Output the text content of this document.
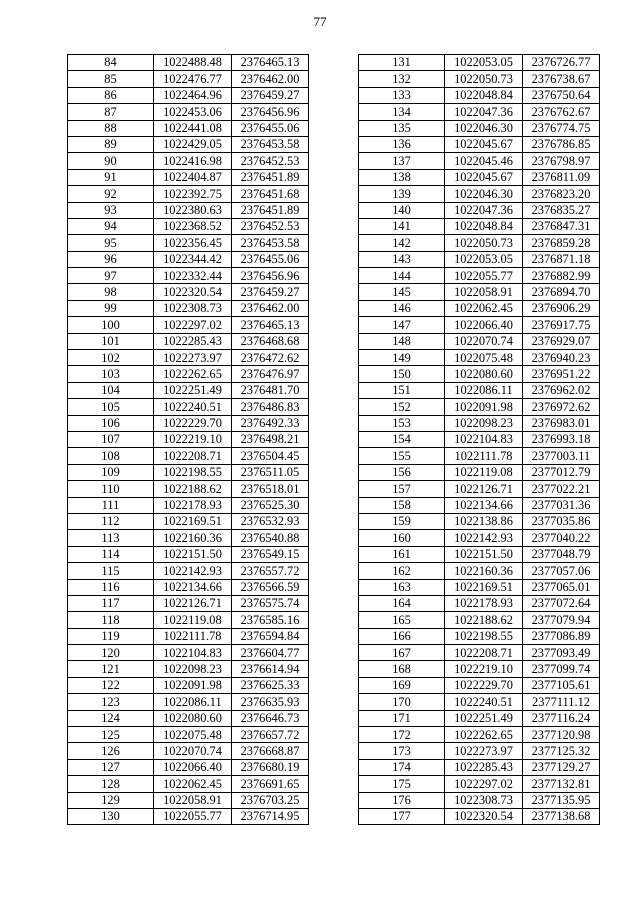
77
84	1022488.48	2376465.13
85	1022476.77	2376462.00
86	1022464.96	2376459.27
87	1022453.06	2376456.96
88	1022441.08	2376455.06
89	1022429.05	2376453.58
90	1022416.98	2376452.53
91	1022404.87	2376451.89
92	1022392.75	2376451.68
93	1022380.63	2376451.89
94	1022368.52	2376452.53
95	1022356.45	2376453.58
96	1022344.42	2376455.06
97	1022332.44	2376456.96
98	1022320.54	2376459.27
99	1022308.73	2376462.00
100	1022297.02	2376465.13
101	1022285.43	2376468.68
102	1022273.97	2376472.62
103	1022262.65	2376476.97
104	1022251.49	2376481.70
105	1022240.51	2376486.83
106	1022229.70	2376492.33
107	1022219.10	2376498.21
108	1022208.71	2376504.45
109	1022198.55	2376511.05
110	1022188.62	2376518.01
111	1022178.93	2376525.30
112	1022169.51	2376532.93
113	1022160.36	2376540.88
114	1022151.50	2376549.15
115	1022142.93	2376557.72
116	1022134.66	2376566.59
117	1022126.71	2376575.74
118	1022119.08	2376585.16
119	1022111.78	2376594.84
120	1022104.83	2376604.77
121	1022098.23	2376614.94
122	1022091.98	2376625.33
123	1022086.11	2376635.93
124	1022080.60	2376646.73
125	1022075.48	2376657.72
126	1022070.74	2376668.87
127	1022066.40	2376680.19
128	1022062.45	2376691.65
129	1022058.91	2376703.25
130	1022055.77	2376714.95
131	1022053.05	2376726.77
132	1022050.73	2376738.67
133	1022048.84	2376750.64
134	1022047.36	2376762.67
135	1022046.30	2376774.75
136	1022045.67	2376786.85
137	1022045.46	2376798.97
138	1022045.67	2376811.09
139	1022046.30	2376823.20
140	1022047.36	2376835.27
141	1022048.84	2376847.31
142	1022050.73	2376859.28
143	1022053.05	2376871.18
144	1022055.77	2376882.99
145	1022058.91	2376894.70
146	1022062.45	2376906.29
147	1022066.40	2376917.75
148	1022070.74	2376929.07
149	1022075.48	2376940.23
150	1022080.60	2376951.22
151	1022086.11	2376962.02
152	1022091.98	2376972.62
153	1022098.23	2376983.01
154	1022104.83	2376993.18
155	1022111.78	2377003.11
156	1022119.08	2377012.79
157	1022126.71	2377022.21
158	1022134.66	2377031.36
159	1022138.86	2377035.86
160	1022142.93	2377040.22
161	1022151.50	2377048.79
162	1022160.36	2377057.06
163	1022169.51	2377065.01
164	1022178.93	2377072.64
165	1022188.62	2377079.94
166	1022198.55	2377086.89
167	1022208.71	2377093.49
168	1022219.10	2377099.74
169	1022229.70	2377105.61
170	1022240.51	2377111.12
171	1022251.49	2377116.24
172	1022262.65	2377120.98
173	1022273.97	2377125.32
174	1022285.43	2377129.27
175	1022297.02	2377132.81
176	1022308.73	2377135.95
177	1022320.54	2377138.68
